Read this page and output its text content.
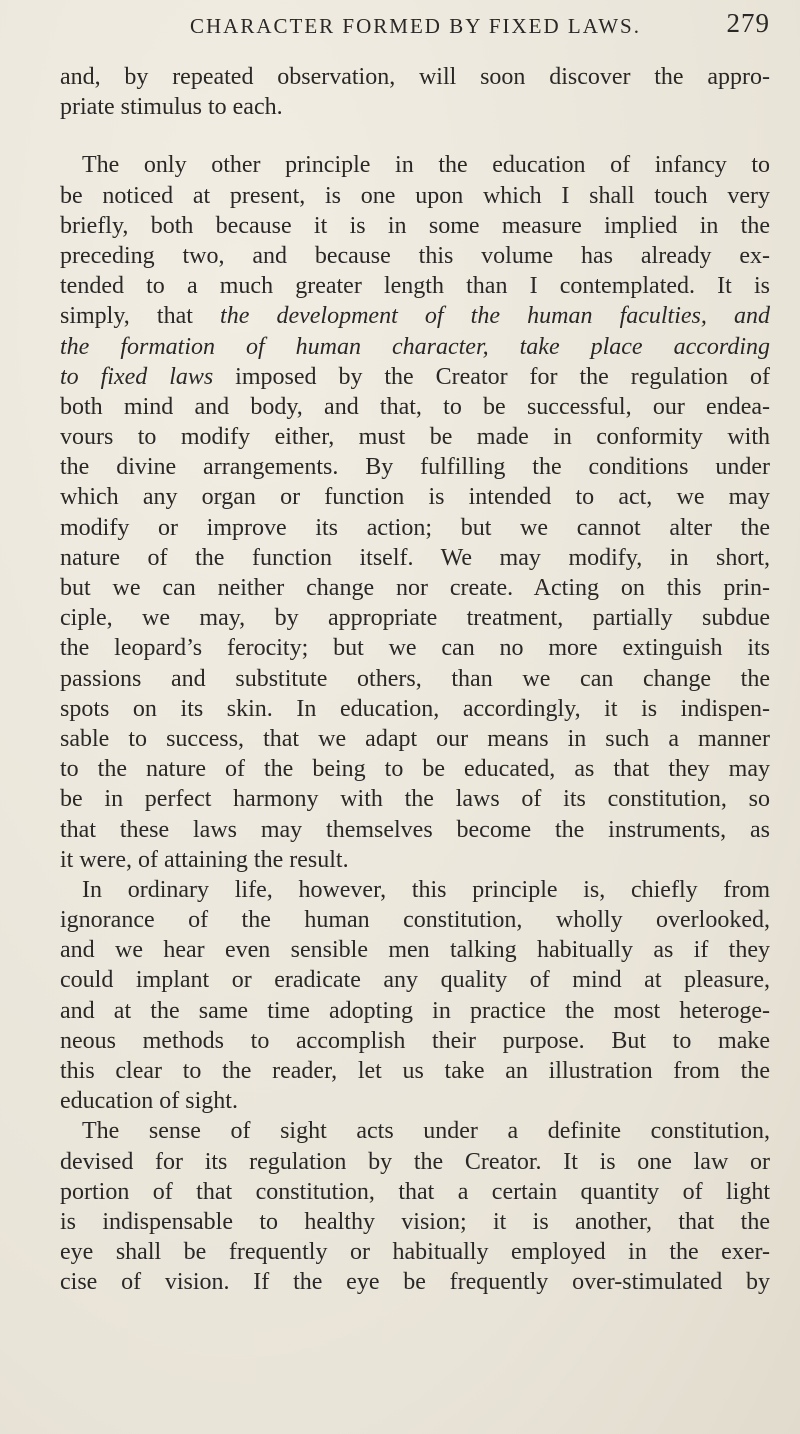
CHARACTER FORMED BY FIXED LAWS.	279
and, by repeated observation, will soon discover the appro-
priate stimulus to each.
The only other principle in the education of infancy to
be noticed at present, is one upon which I shall touch very
briefly, both because it is in some measure implied in the
preceding two, and because this volume has already ex-
tended to a much greater length than I contemplated. It is
simply, that the development of the human faculties, and
the formation of human character, take place according
to fixed laws imposed by the Creator for the regulation of
both mind and body, and that, to be successful, our endea-
vours to modify either, must be made in conformity with
the divine arrangements. By fulfilling the conditions under
which any organ or function is intended to act, we may
modify or improve its action; but we cannot alter the
nature of the function itself. We may modify, in short,
but we can neither change nor create. Acting on this prin-
ciple, we may, by appropriate treatment, partially subdue
the leopard’s ferocity; but we can no more extinguish its
passions and substitute others, than we can change the
spots on its skin. In education, accordingly, it is indispen-
sable to success, that we adapt our means in such a manner
to the nature of the being to be educated, as that they may
be in perfect harmony with the laws of its constitution, so
that these laws may themselves become the instruments, as
it were, of attaining the result.
In ordinary life, however, this principle is, chiefly from
ignorance of the human constitution, wholly overlooked,
and we hear even sensible men talking habitually as if they
could implant or eradicate any quality of mind at pleasure,
and at the same time adopting in practice the most heteroge-
neous methods to accomplish their purpose. But to make
this clear to the reader, let us take an illustration from the
education of sight.
The sense of sight acts under a definite constitution,
devised for its regulation by the Creator. It is one law or
portion of that constitution, that a certain quantity of light
is indispensable to healthy vision; it is another, that the
eye shall be frequently or habitually employed in the exer-
cise of vision. If the eye be frequently over-stimulated by
